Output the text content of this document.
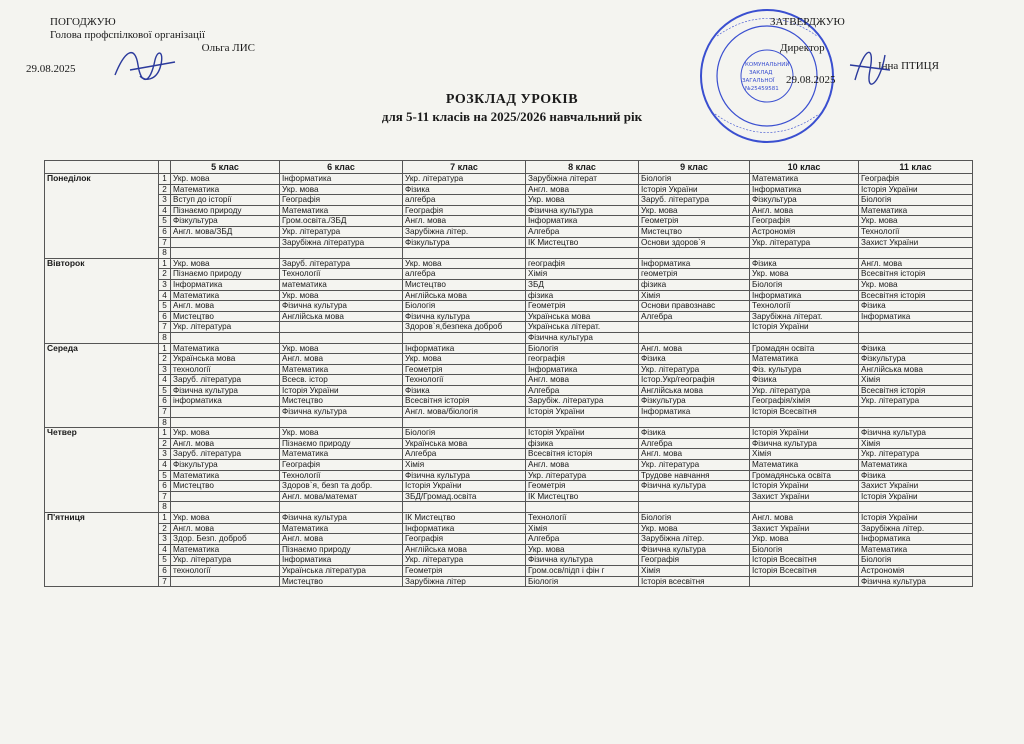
ПОГОДЖУЮ
Голова профспілкової організації
Ольга ЛИС
29.08.2025	КОМУНАЛЬНИЙ
ЗАКЛАД
ЗАГАЛЬНОЇ
№25459581
ЗАТВЕРДЖУЮ
Директор
Інна ПТИЦЯ
29.08.2025
РОЗКЛАД УРОКІВ
для 5-11 класів на 2025/2026 навчальний рік
		5 клас	6 клас	7 клас	8 клас	9 клас	10 клас	11 клас
Понеділок	1	Укр. мова	Інформатика	Укр. література	Зарубіжна літерат	Біологія	Математика	Географія
	2	Математика	Укр. мова	Фізика	Англ. мова	Історія України	Інформатика	Історія України
	3	Вступ до історії	Географія	алгебра	Укр. мова	Заруб. література	Фізкультура	Біологія
	4	Пізнаємо природу	Математика	Географія	Фізична культура	Укр. мова	Англ. мова	Математика
	5	Фізкультура	Гром.освіта./ЗБД	Англ. мова	Інформатика	Геометрія	Географія	Укр. мова
	6	Англ. мова/ЗБД	Укр. література	Зарубіжна літер.	Алгебра	Мистецтво	Астрономія	Технології
	7		Зарубіжна література	Фізкультура	ІК Мистецтво	Основи здоров`я	Укр. література	Захист України
	8							
Вівторок	1	Укр. мова	Заруб. література	Укр. мова	географія	Інформатика	Фізика	Англ. мова
	2	Пізнаємо природу	Технології	алгебра	Хімія	геометрія	Укр. мова	Всесвітня історія
	3	Інформатика	математика	Мистецтво	ЗБД	фізика	Біологія	Укр. мова
	4	Математика	Укр. мова	Англійська мова	фізика	Хімія	Інформатика	Всесвітня історія
	5	Англ. мова	Фізична культура	Біологія	Геометрія	Основи правознавс	Технології	Фізика
	6	Мистецтво	Англійська мова	Фізична культура	Українська мова	Алгебра	Зарубіжна літерат.	Інформатика
	7	Укр. література		Здоров`я,безпека доброб	Українська літерат.		Історія України	
	8				Фізична культура			
Середа	1	Математика	Укр. мова	Інформатика	Біологія	Англ. мова	Громадян освіта	Фізика
	2	Українська мова	Англ. мова	Укр. мова	географія	Фізика	Математика	Фізкультура
	3	технології	Математика	Геометрія	Інформатика	Укр. література	Фіз. культура	Англійська мова
	4	Заруб. література	Всесв. істор	Технології	Англ. мова	Істор.Укр/географія	Фізика	Хімія
	5	Фізична культура	Історія України	Фізика	Алгебра	Англійська мова	Укр. література	Всесвітня історія
	6	інформатика	Мистецтво	Всесвітня історія	Зарубіж. література	Фізкультура	Географія/хімія	Укр. література
	7		Фізична культура	Англ. мова/біологія	Історія України	Інформатика	Історія Всесвітня	
	8							
Четвер	1	Укр. мова	Укр. мова	Біологія	Історія України	Фізика	Історія України	Фізична культура
	2	Англ. мова	Пізнаємо природу	Українська мова	фізика	Алгебра	Фізична культура	Хімія
	3	Заруб. література	Математика	Алгебра	Всесвітня історія	Англ. мова	Хімія	Укр. література
	4	Фізкультура	Географія	Хімія	Англ. мова	Укр. література	Математика	Математика
	5	Математика	Технології	Фізична культура	Укр. література	Трудове навчання	Громадянська освіта	Фізика
	6	Мистецтво	Здоров`я, безп та добр.	Історія України	Геометрія	Фізична культура	Історія України	Захист України
	7		Англ. мова/математ	ЗБД/Громад.освіта	ІК Мистецтво		Захист України	Історія України
	8							
П'ятниця	1	Укр. мова	Фізична культура	ІК Мистецтво	Технології	Біологія	Англ. мова	Історія України
	2	Англ. мова	Математика	Інформатика	Хімія	Укр. мова	Захист України	Зарубіжна літер.
	3	Здор. Безп. доброб	Англ. мова	Географія	Алгебра	Зарубіжна літер.	Укр. мова	Інформатика
	4	Математика	Пізнаємо природу	Англійська мова	Укр. мова	Фізична культура	Біологія	Математика
	5	Укр. література	Інформатика	Укр. література	Фізична культура	Географія	Історія Всесвітня	Біологія
	6	технології	Українська література	Геометрія	Гром.осв/підп і фін г	Хімія	Історія Всесвітня	Астрономія
	7		Мистецтво	Зарубіжна літер	Біологія	Історія всесвітня		Фізична культура
